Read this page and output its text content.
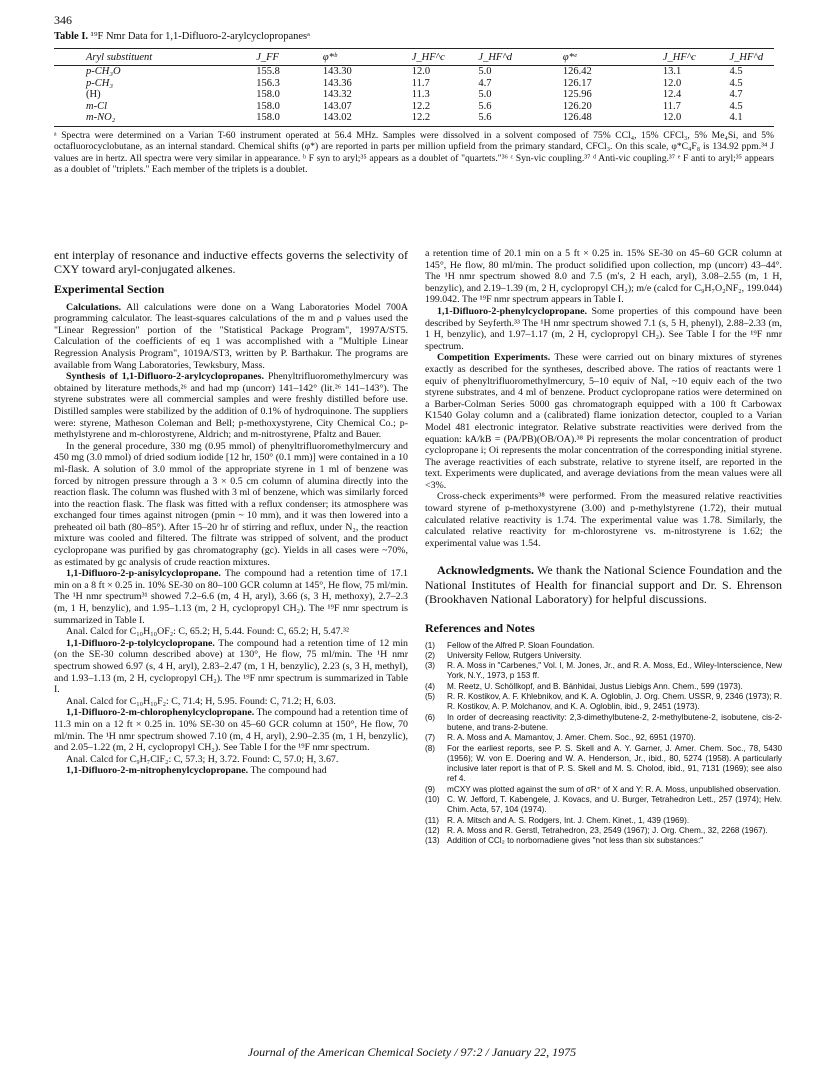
346
Table I. ¹⁹F Nmr Data for 1,1-Difluoro-2-arylcyclopropanesᵃ
Aryl substituent	J_FF	φ*ᵇ	J_HF^c	J_HF^d	φ*ᵉ	J_HF^c	J_HF^d
p-CH₃O	155.8	143.30	12.0	5.0	126.42	13.1	4.5
p-CH₃	156.3	143.36	11.7	4.7	126.17	12.0	4.5
(H)	158.0	143.32	11.3	5.0	125.96	12.4	4.7
m-Cl	158.0	143.07	12.2	5.6	126.20	11.7	4.5
m-NO₂	158.0	143.02	12.2	5.6	126.48	12.0	4.1
ᵃ Spectra were determined on a Varian T-60 instrument operated at 56.4 MHz. Samples were dissolved in a solvent composed of 75% CCl₄, 15% CFCl₃, 5% Me₄Si, and 5% octafluorocyclobutane, as an internal standard. Chemical shifts (φ*) are reported in parts per million upfield from the primary standard, CFCl₃. On this scale, φ*C₄F₈ is 134.92 ppm.³⁴ J values are in hertz. All spectra were very similar in appearance. ᵇ F syn to aryl;³⁵ appears as a doublet of "quartets."³⁶ ᶜ Syn-vic coupling.³⁷ ᵈ Anti-vic coupling.³⁷ ᵉ F anti to aryl;³⁵ appears as a doublet of "triplets." Each member of the triplets is a doublet.

ent interplay of resonance and inductive effects governs the selectivity of CXY toward aryl-conjugated alkenes.

Experimental Section

Calculations. All calculations were done on a Wang Laboratories Model 700A programming calculator. The least-squares calculations of the m and ρ values used the "Linear Regression" portion of the "Statistical Package Program", 1997A/ST5. Calculation of the coefficients of eq 1 was accomplished with a "Multiple Linear Regression Analysis Program", 1019A/ST3, written by P. Barthakur. The programs are available from Wang Laboratories, Tewksbury, Mass.

Synthesis of 1,1-Difluoro-2-arylcyclopropanes. Phenyltrifluoromethylmercury was obtained by literature methods,²⁶ and had mp (uncorr) 141–142° (lit.²⁶ 141–143°). The styrene substrates were all commercial samples and were freshly distilled before use. Distilled samples were stabilized by the addition of 0.1% of hydroquinone. The suppliers were: styrene, Matheson Coleman and Bell; p-methoxystyrene, City Chemical Co.; p-methylstyrene and m-chlorostyrene, Aldrich; and m-nitrostyrene, Pfaltz and Bauer.

In the general procedure, 330 mg (0.95 mmol) of phenyltrifluoromethylmercury and 450 mg (3.0 mmol) of dried sodium iodide [12 hr, 150° (0.1 mm)] were contained in a 10 ml-flask. A solution of 3.0 mmol of the appropriate styrene in 1 ml of benzene was forced by nitrogen pressure through a 3 × 0.5 cm column of alumina directly into the reaction flask. The column was flushed with 3 ml of benzene, which was similarly forced into the reaction flask. The flask was fitted with a reflux condenser; its atmosphere was exchanged four times against nitrogen (pmin ~ 10 mm), and it was then lowered into a preheated oil bath (80–85°). After 15–20 hr of stirring and reflux, under N₂, the reaction mixture was cooled and filtered. The filtrate was stripped of solvent, and the product cyclopropane was purified by gas chromatography (gc). Yields in all cases were ~70%, as estimated by gc analysis of crude reaction mixtures.

1,1-Difluoro-2-p-anisylcyclopropane. The compound had a retention time of 17.1 min on a 8 ft × 0.25 in. 10% SE-30 on 80–100 GCR column at 145°, He flow, 75 ml/min. The ¹H nmr spectrum³¹ showed 7.2–6.6 (m, 4 H, aryl), 3.66 (s, 3 H, methoxy), 2.7–2.3 (m, 1 H, benzylic), and 1.95–1.13 (m, 2 H, cyclopropyl CH₂). The ¹⁹F nmr spectrum is summarized in Table I.

Anal. Calcd for C₁₀H₁₀OF₂: C, 65.2; H, 5.44. Found: C, 65.2; H, 5.47.³²

1,1-Difluoro-2-p-tolylcyclopropane. The compound had a retention time of 12 min (on the SE-30 column described above) at 130°, He flow, 75 ml/min. The ¹H nmr spectrum showed 6.97 (s, 4 H, aryl), 2.83–2.47 (m, 1 H, benzylic), 2.23 (s, 3 H, methyl), and 1.93–1.13 (m, 2 H, cyclopropyl CH₂). The ¹⁹F nmr spectrum is summarized in Table I.

Anal. Calcd for C₁₀H₁₀F₂: C, 71.4; H, 5.95. Found: C, 71.2; H, 6.03.

1,1-Difluoro-2-m-chlorophenylcyclopropane. The compound had a retention time of 11.3 min on a 12 ft × 0.25 in. 10% SE-30 on 45–60 GCR column at 150°, He flow, 70 ml/min. The ¹H nmr spectrum showed 7.10 (m, 4 H, aryl), 2.90–2.35 (m, 1 H, benzylic), and 2.05–1.22 (m, 2 H, cyclopropyl CH₂). See Table I for the ¹⁹F nmr spectrum.

Anal. Calcd for C₉H₇ClF₂: C, 57.3; H, 3.72. Found: C, 57.0; H, 3.67.

1,1-Difluoro-2-m-nitrophenylcyclopropane. The compound had

a retention time of 20.1 min on a 5 ft × 0.25 in. 15% SE-30 on 45–60 GCR column at 145°, He flow, 80 ml/min. The product solidified upon collection, mp (uncorr) 43–44°. The ¹H nmr spectrum showed 8.0 and 7.5 (m's, 2 H each, aryl), 3.08–2.55 (m, 1 H, benzylic), and 2.19–1.39 (m, 2 H, cyclopropyl CH₂); m/e (calcd for C₉H₇O₂NF₂, 199.044) 199.042. The ¹⁹F nmr spectrum appears in Table I.

1,1-Difluoro-2-phenylcyclopropane. Some properties of this compound have been described by Seyferth.³³ The ¹H nmr spectrum showed 7.1 (s, 5 H, phenyl), 2.88–2.33 (m, 1 H, benzylic), and 1.97–1.17 (m, 2 H, cyclopropyl CH₂). See Table I for the ¹⁹F nmr spectrum.

Competition Experiments. These were carried out on binary mixtures of styrenes exactly as described for the syntheses, described above. The ratios of reactants were 1 equiv of phenyltrifluoromethylmercury, 5–10 equiv of NaI, ~10 equiv each of the two styrene substrates, and 4 ml of benzene. Product cyclopropane ratios were determined on a Barber-Colman Series 5000 gas chromatograph equipped with a 100 ft Carbowax K1540 Golay column and a (calibrated) flame ionization detector, coupled to a Varian Model 481 electronic integrator. Relative substrate reactivities were derived from the equation: kA/kB = (PA/PB)(OB/OA).³⁸ Pi represents the molar concentration of product cyclopropane i; Oi represents the molar concentration of the corresponding initial styrene. The average reactivities of each substrate, relative to styrene itself, are reported in the text. Experiments were duplicated, and average deviations from the mean values were all <3%.

Cross-check experiments³⁸ were performed. From the measured relative reactivities toward styrene of p-methoxystyrene (3.00) and p-methylstyrene (1.72), their mutual calculated relative reactivity is 1.74. The experimental value was 1.78. Similarly, the calculated relative reactivity for m-chlorostyrene vs. m-nitrostyrene is 1.62; the experimental value was 1.54.

Acknowledgments. We thank the National Science Foundation and the National Institutes of Health for financial support and Dr. S. Ehrenson (Brookhaven National Laboratory) for helpful discussions.

References and Notes
(1)	Fellow of the Alfred P. Sloan Foundation.
(2)	University Fellow, Rutgers University.
(3)	R. A. Moss in "Carbenes," Vol. I, M. Jones, Jr., and R. A. Moss, Ed., Wiley-Interscience, New York, N.Y., 1973, p 153 ff.
(4)	M. Reetz, U. Schöllkopf, and B. Bánhidai, Justus Liebigs Ann. Chem., 599 (1973).
(5)	R. R. Kostikov, A. F. Khlebnikov, and K. A. Ogloblin, J. Org. Chem. USSR, 9, 2346 (1973); R. R. Kostikov, A. P. Molchanov, and K. A. Ogloblin, ibid., 9, 2451 (1973).
(6)	In order of decreasing reactivity: 2,3-dimethylbutene-2, 2-methylbutene-2, isobutene, cis-2-butene, and trans-2-butene.
(7)	R. A. Moss and A. Mamantov, J. Amer. Chem. Soc., 92, 6951 (1970).
(8)	For the earliest reports, see P. S. Skell and A. Y. Garner, J. Amer. Chem. Soc., 78, 5430 (1956); W. von E. Doering and W. A. Henderson, Jr., ibid., 80, 5274 (1958). A particularly inclusive later report is that of P. S. Skell and M. S. Cholod, ibid., 91, 7131 (1969); see also ref 4.
(9)	mCXY was plotted against the sum of σR⁺ of X and Y: R. A. Moss, unpublished observation.
(10) C. W. Jefford, T. Kabengele, J. Kovacs, and U. Burger, Tetrahedron Lett., 257 (1974); Helv. Chim. Acta, 57, 104 (1974).
(11) R. A. Mitsch and A. S. Rodgers, Int. J. Chem. Kinet., 1, 439 (1969).
(12) R. A. Moss and R. Gerstl, Tetrahedron, 23, 2549 (1967); J. Org. Chem., 32, 2268 (1967).
(13) Addition of CCl₂ to norbornadiene gives "not less than six substances:"
Journal of the American Chemical Society / 97:2 / January 22, 1975
